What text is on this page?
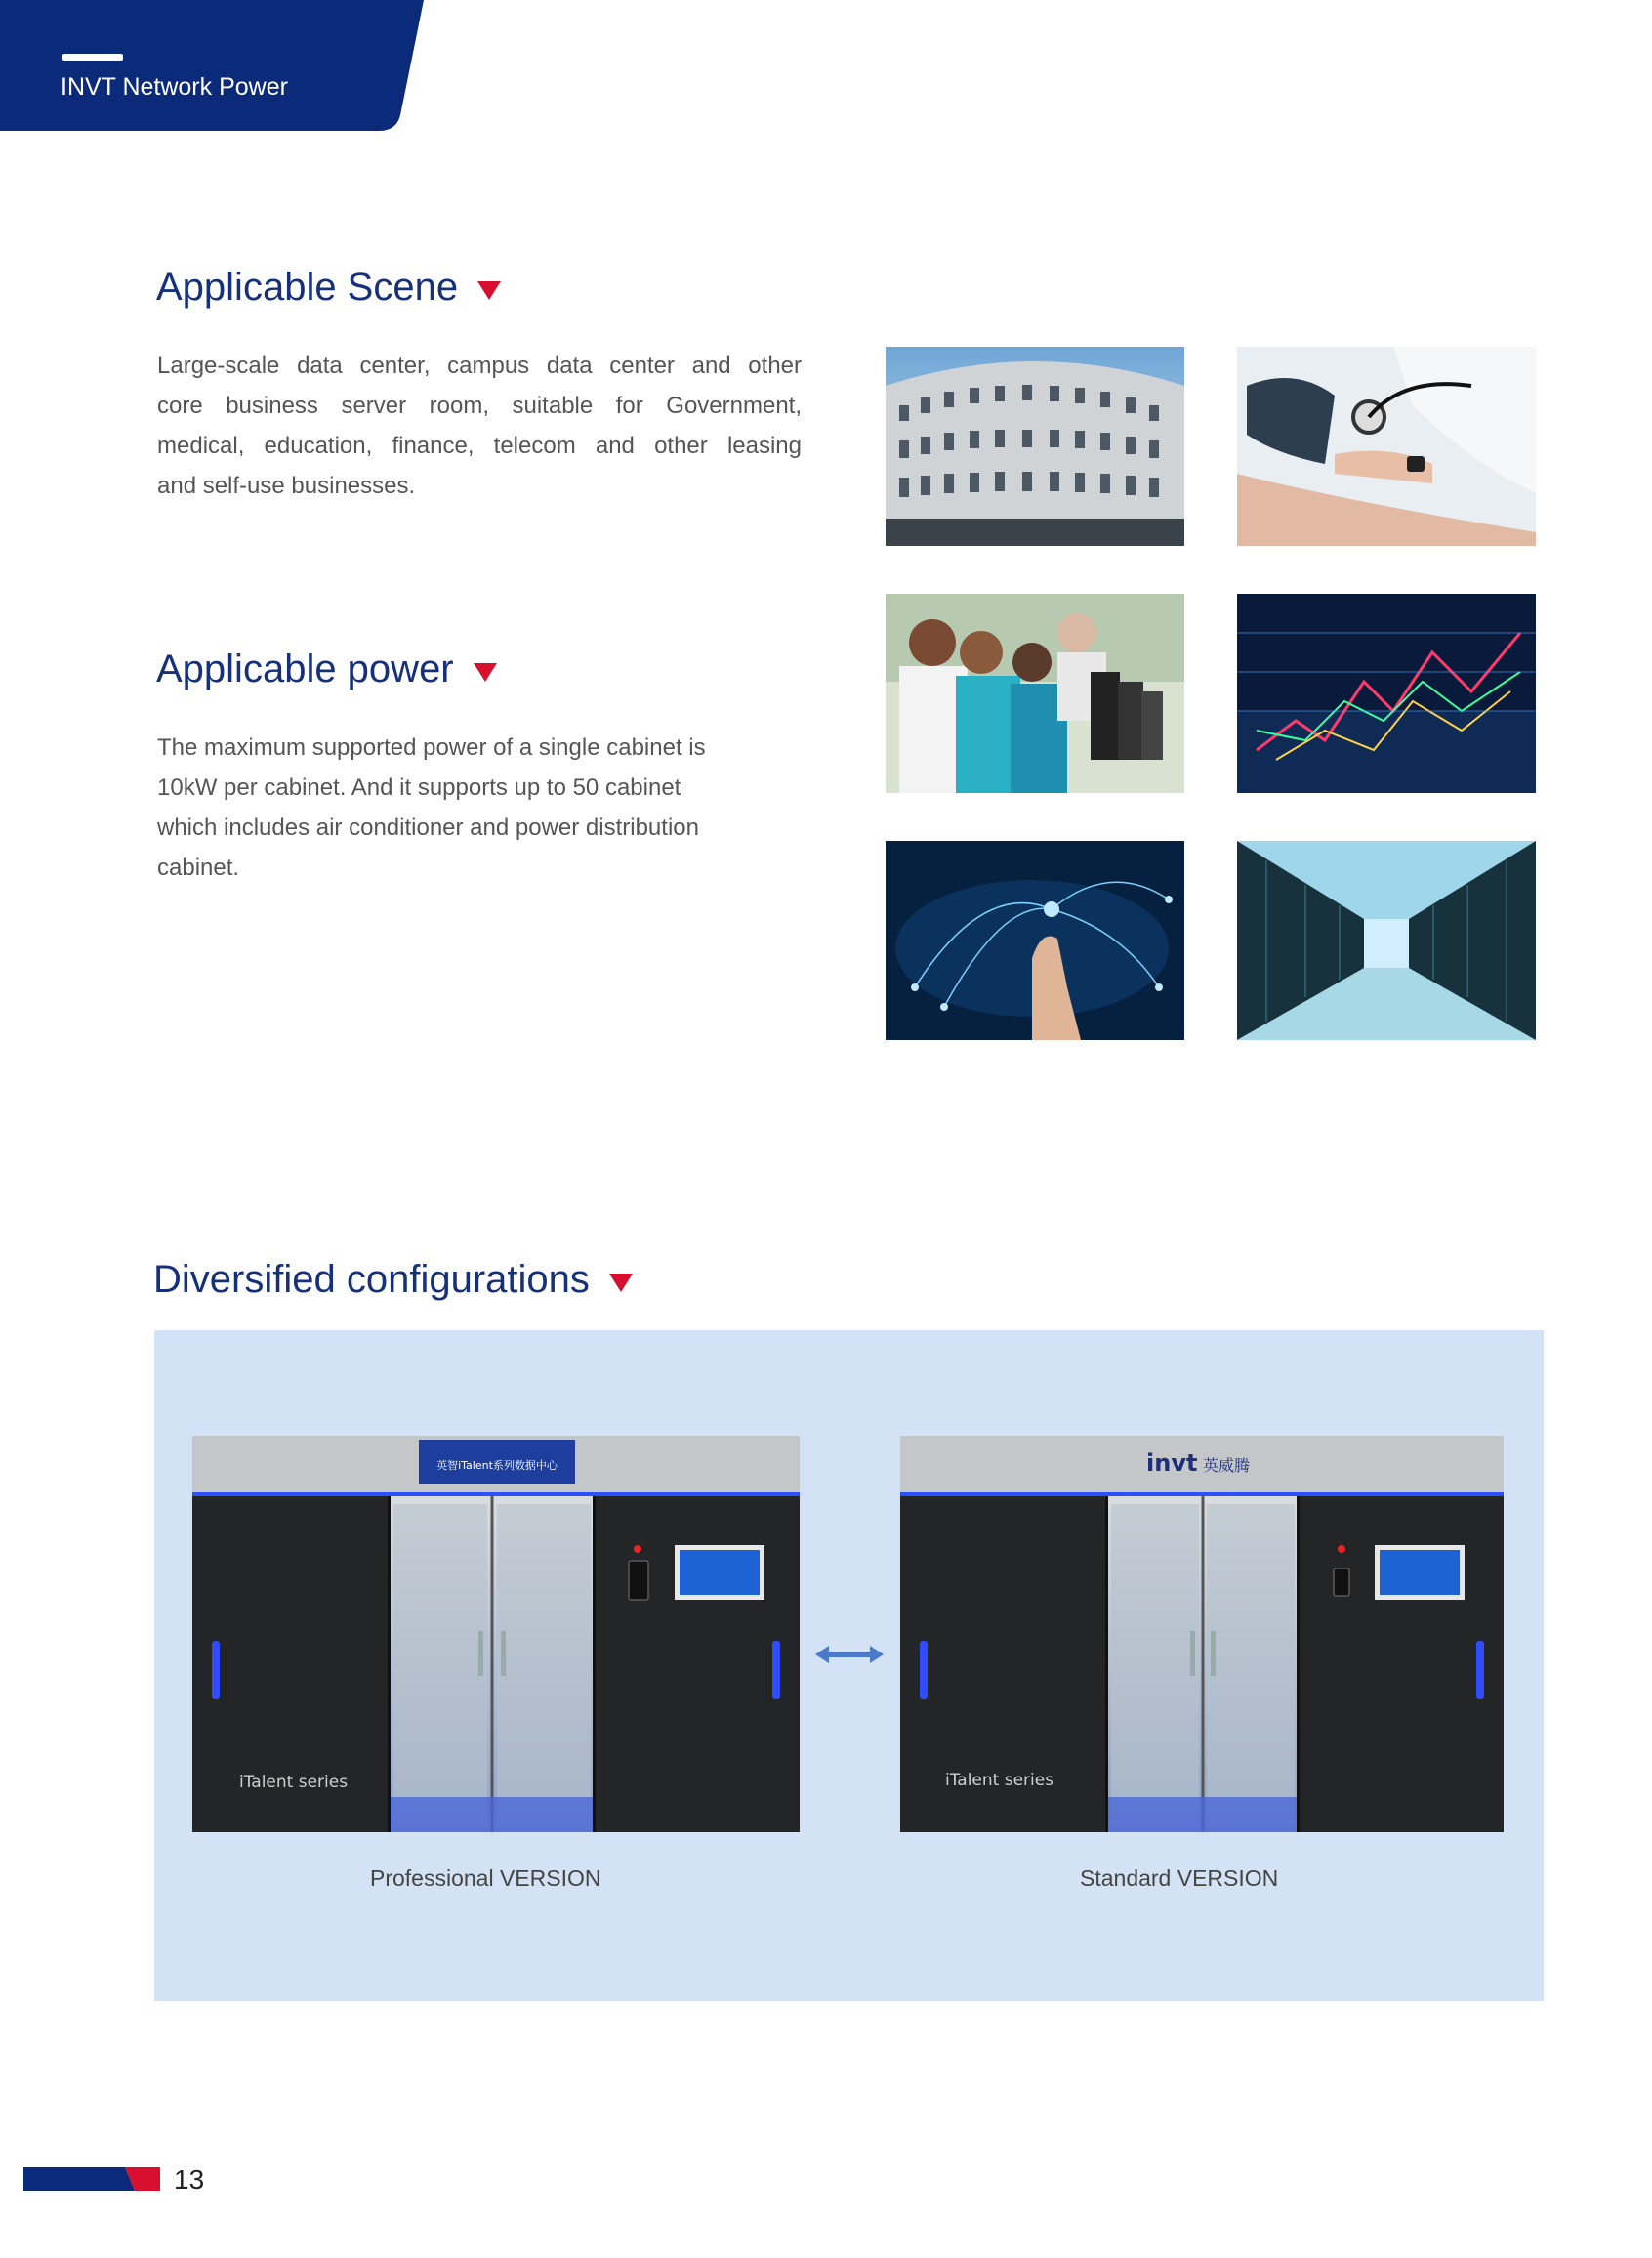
INVT Network Power
Applicable Scene
Large-scale data center, campus data center and other
core business server room, suitable for Government,
medical, education, finance, telecom and other leasing
and self-use businesses.
Applicable power
The maximum supported power of a single cabinet is
10kW per cabinet. And it supports up to 50 cabinet
which includes air conditioner and power distribution
cabinet.
Diversified configurations
英智iTalent系列数据中心
iTalent series
invt 英威腾
iTalent series
Professional VERSION	Standard VERSION
13
